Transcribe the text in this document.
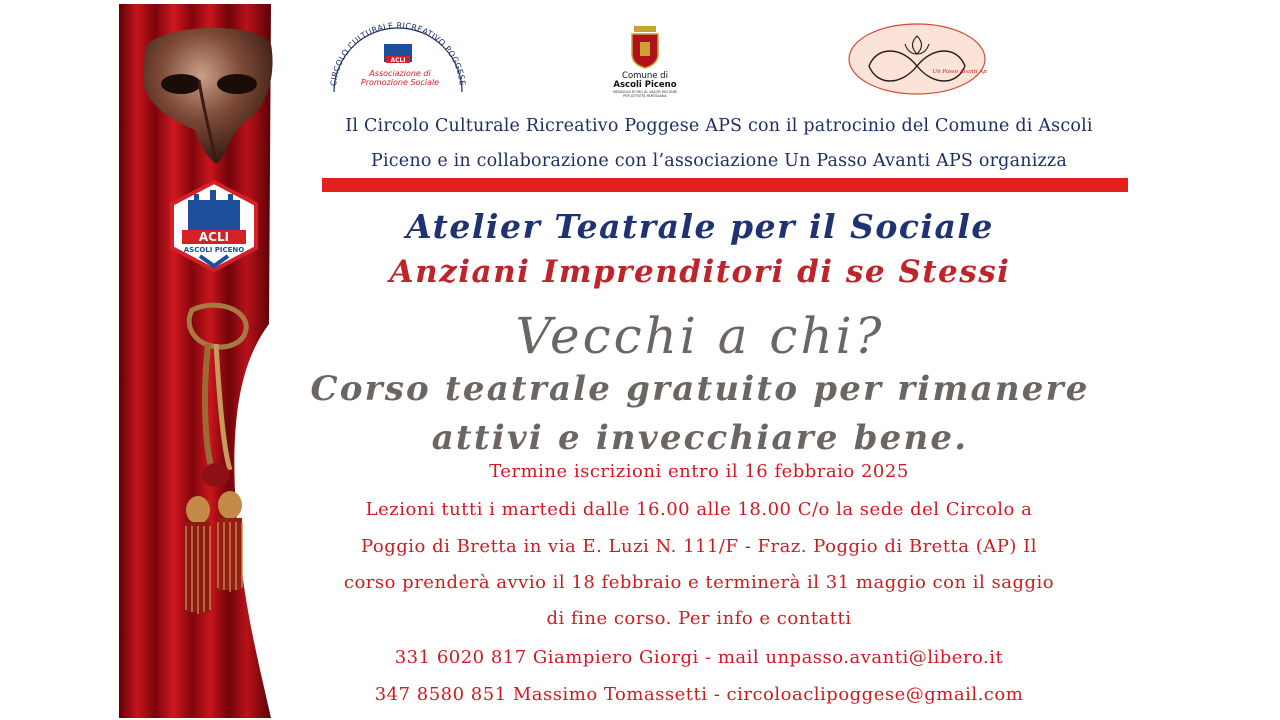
ACLI
ASCOLI PICENO
CIRCOLO CULTURALE RICREATIVO POGGESE
ACLI
Associazione di
Promozione Sociale
Comune di
Ascoli Piceno
MEDAGLIA D'ORO AL VALOR MILITARE
PER ATTIVITÀ PARTIGIANA
Un Passo Avanti Aps
Il Circolo Culturale Ricreativo Poggese APS con il patrocinio del Comune di Ascoli
Piceno e in collaborazione con l’associazione Un Passo Avanti APS organizza
Atelier Teatrale per il Sociale
Anziani Imprenditori di se Stessi
Vecchi a chi?
Corso teatrale gratuito per rimanere
attivi e invecchiare bene.
Termine iscrizioni entro il 16 febbraio 2025
Lezioni tutti i martedi dalle 16.00 alle 18.00 C/o la sede del Circolo a
Poggio di Bretta in via E. Luzi N. 111/F - Fraz. Poggio di Bretta (AP) Il
corso prenderà avvio il 18 febbraio e terminerà il 31 maggio con il saggio
di fine corso. Per info e contatti
331 6020 817 Giampiero Giorgi - mail unpasso.avanti@libero.it
347 8580 851 Massimo Tomassetti - circoloaclipoggese@gmail.com
